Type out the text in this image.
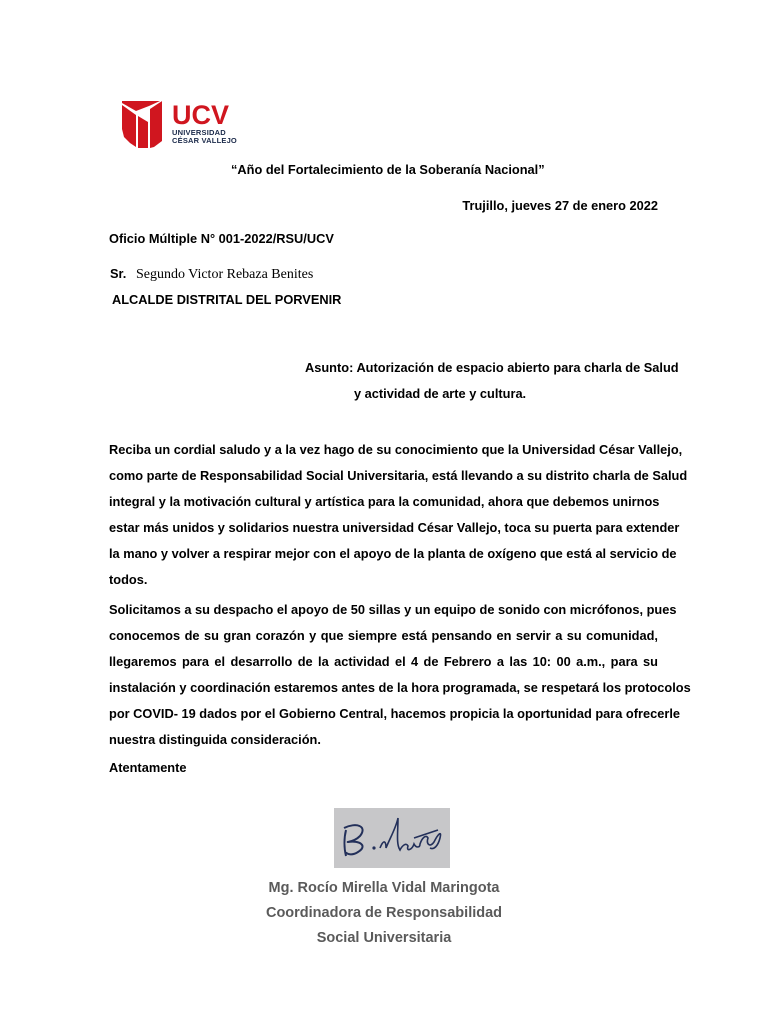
UCV
UNIVERSIDAD
CÉSAR VALLEJO
“Año del Fortalecimiento de la Soberanía Nacional”
Trujillo, jueves 27 de enero 2022
Oficio Múltiple N° 001-2022/RSU/UCV
Sr. Segundo Victor Rebaza Benites
ALCALDE DISTRITAL DEL PORVENIR
Asunto: Autorización de espacio abierto para charla de Salud
y actividad de arte y cultura.
Reciba un cordial saludo y a la vez hago de su conocimiento que la Universidad César Vallejo,
como parte de Responsabilidad Social Universitaria, está llevando a su distrito charla de Salud
integral y la motivación cultural y artística para la comunidad, ahora que debemos unirnos
estar más unidos y solidarios nuestra universidad César Vallejo, toca su puerta para extender
la mano y volver a respirar mejor con el apoyo de la planta de oxígeno que está al servicio de
todos.
Solicitamos a su despacho el apoyo de 50 sillas y un equipo de sonido con micrófonos, pues
conocemos de su gran corazón y que siempre está pensando en servir a su comunidad,
llegaremos para el desarrollo de la actividad el 4 de Febrero a las 10: 00 a.m., para su
instalación y coordinación estaremos antes de la hora programada, se respetará los protocolos
por COVID- 19 dados por el Gobierno Central, hacemos propicia la oportunidad para ofrecerle
nuestra distinguida consideración.
Atentamente
Mg. Rocío Mirella Vidal Maringota
Coordinadora de Responsabilidad
Social Universitaria
